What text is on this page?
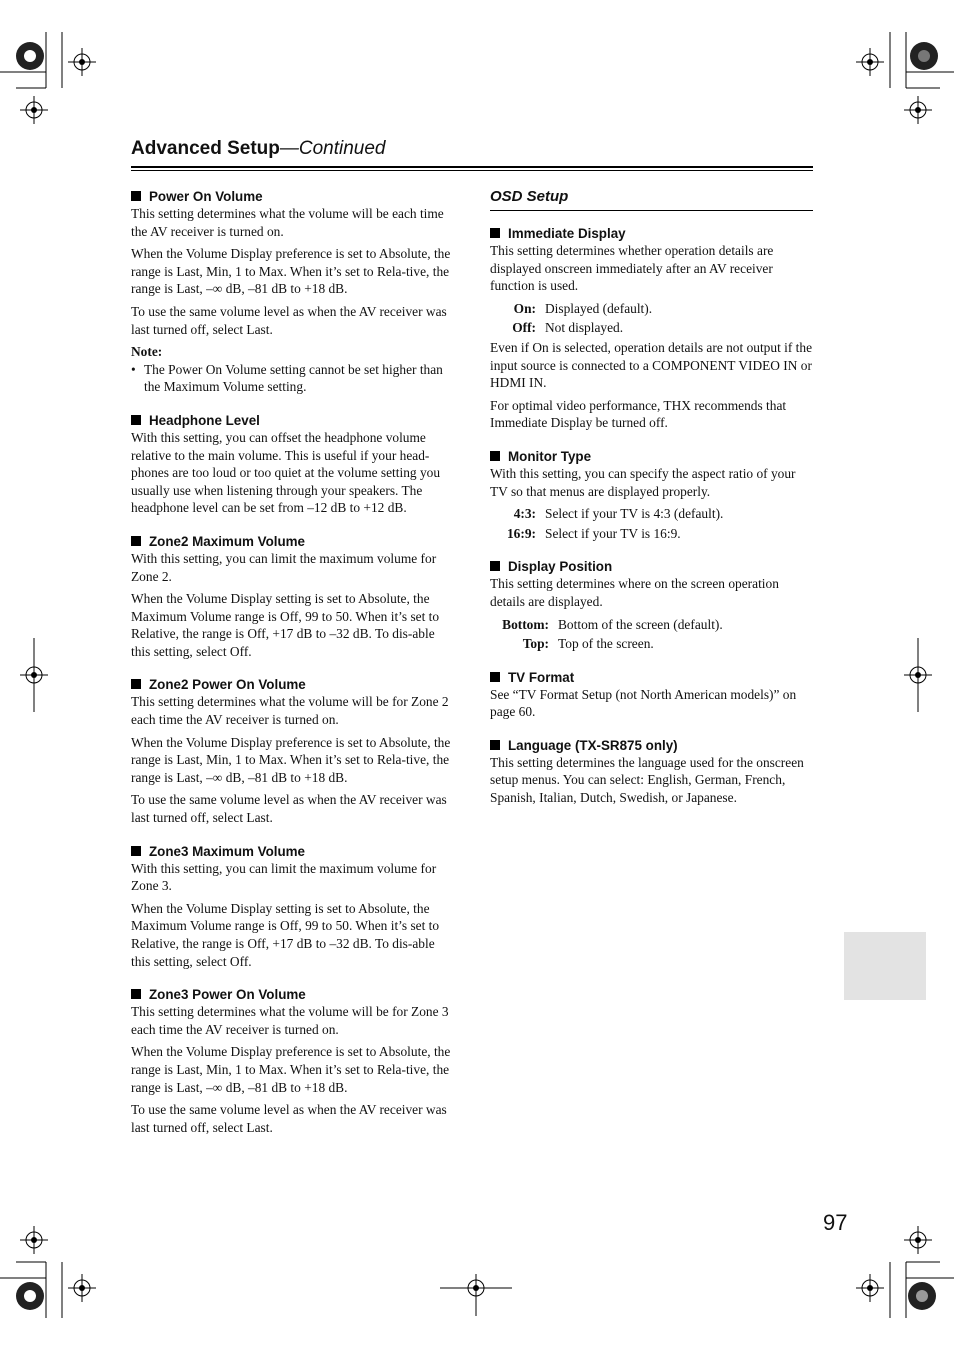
Advanced Setup—Continued
Power On Volume

This setting determines what the volume will be each time the AV receiver is turned on.

When the Volume Display preference is set to Absolute, the range is Last, Min, 1 to Max. When it’s set to Rela-tive, the range is Last, –∞ dB, –81 dB to +18 dB.

To use the same volume level as when the AV receiver was last turned off, select Last.

Note:

• The Power On Volume setting cannot be set higher than the Maximum Volume setting.

Headphone Level

With this setting, you can offset the headphone volume relative to the main volume. This is useful if your head-phones are too loud or too quiet at the volume setting you usually use when listening through your speakers. The headphone level can be set from –12 dB to +12 dB.

Zone2 Maximum Volume

With this setting, you can limit the maximum volume for Zone 2.

When the Volume Display setting is set to Absolute, the Maximum Volume range is Off, 99 to 50. When it’s set to Relative, the range is Off, +17 dB to –32 dB. To dis-able this setting, select Off.

Zone2 Power On Volume

This setting determines what the volume will be for Zone 2 each time the AV receiver is turned on.

When the Volume Display preference is set to Absolute, the range is Last, Min, 1 to Max. When it’s set to Rela-tive, the range is Last, –∞ dB, –81 dB to +18 dB.

To use the same volume level as when the AV receiver was last turned off, select Last.

Zone3 Maximum Volume

With this setting, you can limit the maximum volume for Zone 3.

When the Volume Display setting is set to Absolute, the Maximum Volume range is Off, 99 to 50. When it’s set to Relative, the range is Off, +17 dB to –32 dB. To dis-able this setting, select Off.

Zone3 Power On Volume

This setting determines what the volume will be for Zone 3 each time the AV receiver is turned on.

When the Volume Display preference is set to Absolute, the range is Last, Min, 1 to Max. When it’s set to Rela-tive, the range is Last, –∞ dB, –81 dB to +18 dB.

To use the same volume level as when the AV receiver was last turned off, select Last.

OSD Setup
Immediate Display

This setting determines whether operation details are displayed onscreen immediately after an AV receiver function is used.

On: Displayed (default).
Off: Not displayed.

Even if On is selected, operation details are not output if the input source is connected to a COMPONENT VIDEO IN or HDMI IN.

For optimal video performance, THX recommends that Immediate Display be turned off.

Monitor Type

With this setting, you can specify the aspect ratio of your TV so that menus are displayed properly.

4:3: Select if your TV is 4:3 (default).
16:9: Select if your TV is 16:9.
Display Position

This setting determines where on the screen operation details are displayed.

Bottom: Bottom of the screen (default).
Top: Top of the screen.
TV Format

See “TV Format Setup (not North American models)” on page 60.

Language (TX-SR875 only)

This setting determines the language used for the onscreen setup menus. You can select: English, German, French, Spanish, Italian, Dutch, Swedish, or Japanese.

97
